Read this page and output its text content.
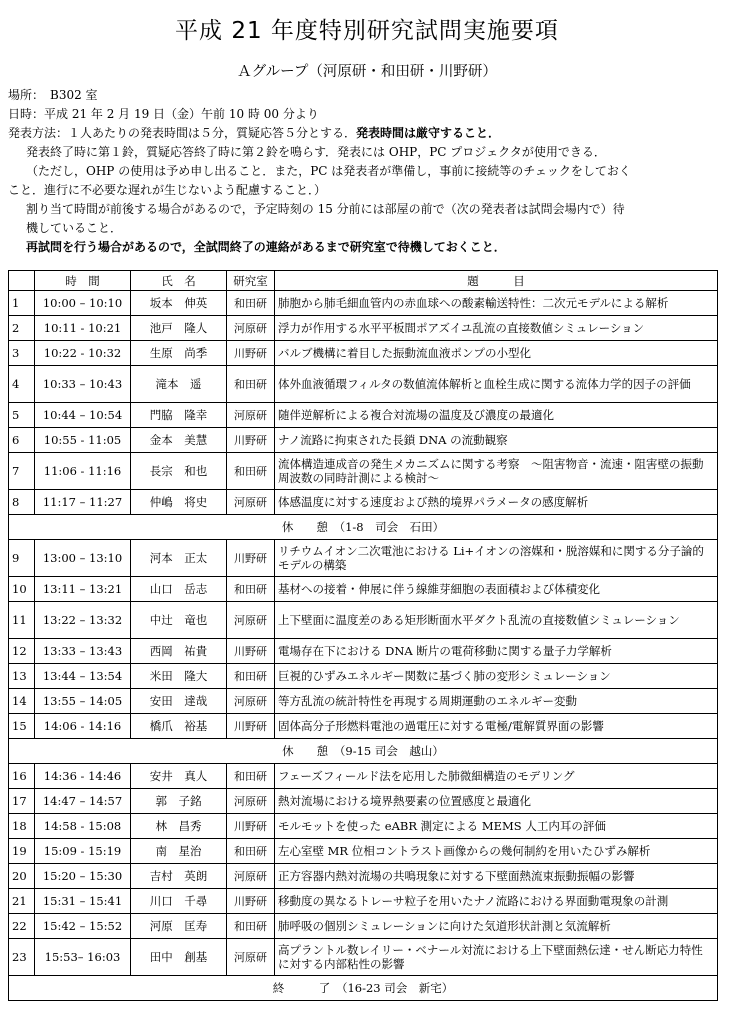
平成 21 年度特別研究試問実施要項
Ａグループ（河原研・和田研・川野研）
場所：　B302 室
日時：平成 21 年 2 月 19 日（金）午前 10 時 00 分より
発表方法：１人あたりの発表時間は５分，質疑応答５分とする．発表時間は厳守すること．
発表終了時に第１鈴，質疑応答終了時に第２鈴を鳴らす．発表には OHP，PC プロジェクタが使用できる．
（ただし，OHP の使用は予め申し出ること．また，PC は発表者が準備し，事前に接続等のチェックをしておく
こと．進行に不必要な遅れが生じないよう配慮すること．）
割り当て時間が前後する場合があるので，予定時刻の 15 分前には部屋の前で（次の発表者は試問会場内で）待
機していること．
再試問を行う場合があるので，全試問終了の連絡があるまで研究室で待機しておくこと．
	時　間	氏　名	研究室	題　　　目
1	10:00 – 10:10	坂本　伸英	和田研	肺胞から肺毛細血管内の赤血球への酸素輸送特性：二次元モデルによる解析
2	10:11 - 10:21	池戸　隆人	河原研	浮力が作用する水平平板間ポアズイユ乱流の直接数値シミュレーション
3	10:22 - 10:32	生原　尚季	川野研	バルブ機構に着目した振動流血液ポンプの小型化
4	10:33 – 10:43	滝本　遥	和田研	体外血液循環フィルタの数値流体解析と血栓生成に関する流体力学的因子の評価
5	10:44 – 10:54	門脇　隆幸	河原研	随伴逆解析による複合対流場の温度及び濃度の最適化
6	10:55 - 11:05	金本　美慧	川野研	ナノ流路に拘束された長鎖 DNA の流動観察
7	11:06 - 11:16	長宗　和也	和田研	流体構造連成音の発生メカニズムに関する考察　～阻害物音・流速・阻害壁の振動周波数の同時計測による検討～
8	11:17 – 11:27	仲嶋　将史	河原研	体感温度に対する速度および熱的境界パラメータの感度解析
休　　憩　（1-8　司会　石田）				
9	13:00 – 13:10	河本　正太	川野研	リチウムイオン二次電池における Li+イオンの溶媒和・脱溶媒和に関する分子論的モデルの構築
10	13:11 – 13:21	山口　岳志	和田研	基材への接着・伸展に伴う線維芽細胞の表面積および体積変化
11	13:22 – 13:32	中辻　竜也	河原研	上下壁面に温度差のある矩形断面水平ダクト乱流の直接数値シミュレーション
12	13:33 – 13:43	西岡　祐貴	川野研	電場存在下における DNA 断片の電荷移動に関する量子力学解析
13	13:44 – 13:54	米田　隆大	和田研	巨視的ひずみエネルギー関数に基づく肺の変形シミュレーション
14	13:55 – 14:05	安田　達哉	河原研	等方乱流の統計特性を再現する周期運動のエネルギー変動
15	14:06 - 14:16	橋爪　裕基	川野研	固体高分子形燃料電池の過電圧に対する電極/電解質界面の影響
休　　憩　（9-15 司会　越山）				
16	14:36 - 14:46	安井　真人	和田研	フェーズフィールド法を応用した肺微細構造のモデリング
17	14:47 – 14:57	郭　子銘	河原研	熱対流場における境界熱要素の位置感度と最適化
18	14:58 - 15:08	林　昌秀	川野研	モルモットを使った eABR 測定による MEMS 人工内耳の評価
19	15:09 - 15:19	南　星治	和田研	左心室壁 MR 位相コントラスト画像からの幾何制約を用いたひずみ解析
20	15:20 – 15:30	吉村　英朗	河原研	正方容器内熱対流場の共鳴現象に対する下壁面熱流束振動振幅の影響
21	15:31 – 15:41	川口　千尋	川野研	移動度の異なるトレーサ粒子を用いたナノ流路における界面動電現象の計測
22	15:42 – 15:52	河原　匡寿	和田研	肺呼吸の個別シミュレーションに向けた気道形状計測と気流解析
23	15:53– 16:03	田中　創基	河原研	高プラントル数レイリー・ベナール対流における上下壁面熱伝達・せん断応力特性に対する内部粘性の影響
終　　　了　（16-23 司会　新宅）				
